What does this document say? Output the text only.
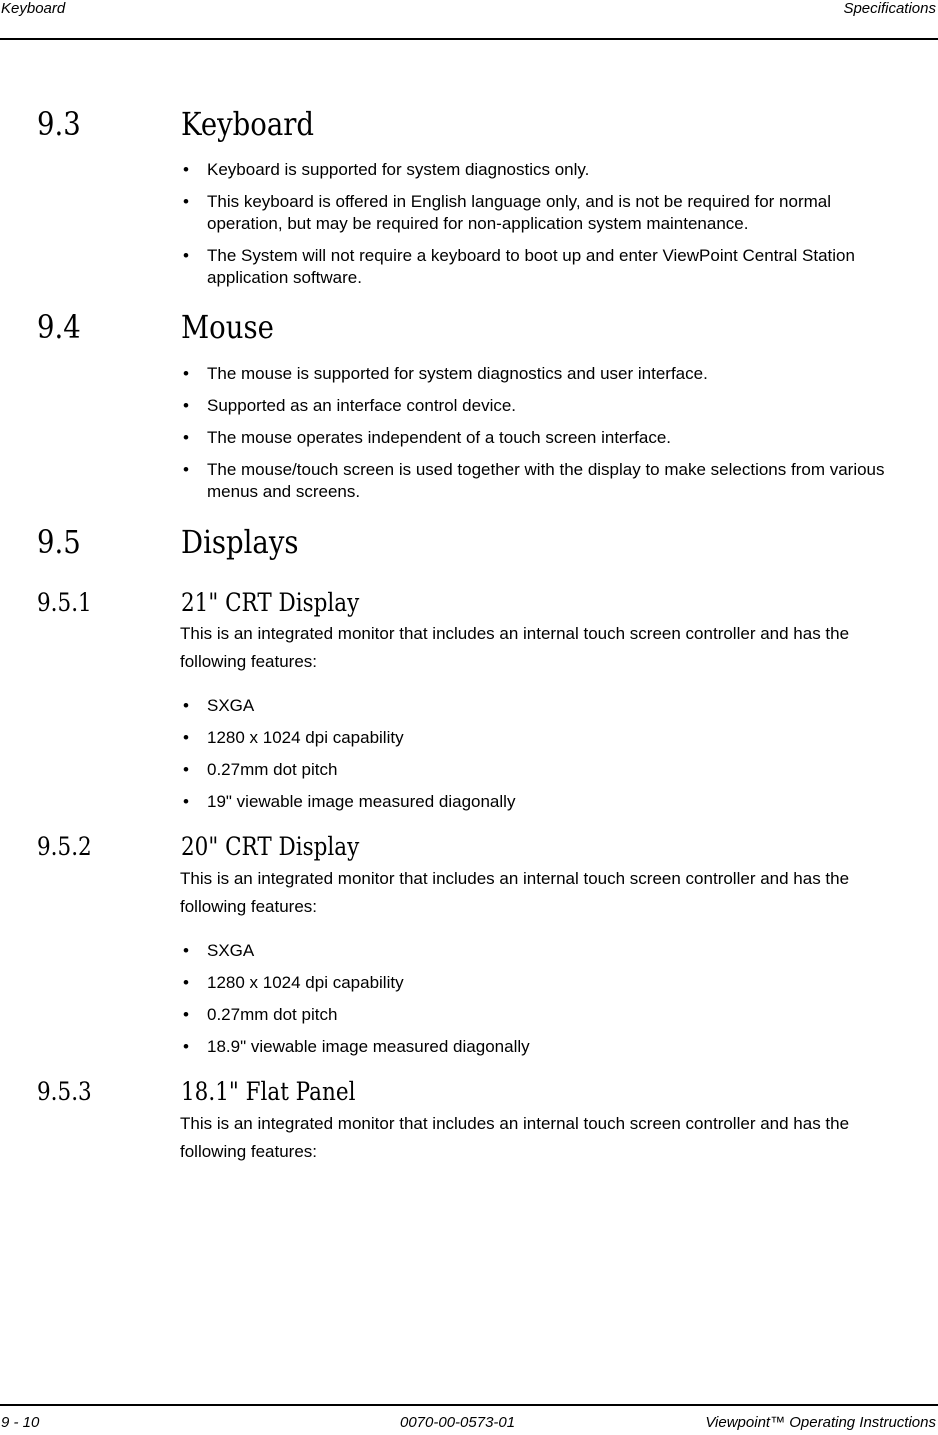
Keyboard	Specifications
9.3	Keyboard
• Keyboard is supported for system diagnostics only.
• This keyboard is offered in English language only, and is not be required for normal operation, but may be required for non-application system maintenance.
• The System will not require a keyboard to boot up and enter ViewPoint Central Station application software.
9.4	Mouse
• The mouse is supported for system diagnostics and user interface.
• Supported as an interface control device.
• The mouse operates independent of a touch screen interface.
• The mouse/touch screen is used together with the display to make selections from various menus and screens.
9.5	Displays
9.5.1	21" CRT Display
This is an integrated monitor that includes an internal touch screen controller and has the following features:
• SXGA
• 1280 x 1024 dpi capability
• 0.27mm dot pitch
• 19" viewable image measured diagonally
9.5.2	20" CRT Display
This is an integrated monitor that includes an internal touch screen controller and has the following features:
• SXGA
• 1280 x 1024 dpi capability
• 0.27mm dot pitch
• 18.9" viewable image measured diagonally
9.5.3	18.1" Flat Panel
This is an integrated monitor that includes an internal touch screen controller and has the following features:
9 - 10	0070-00-0573-01	Viewpoint™ Operating Instructions
